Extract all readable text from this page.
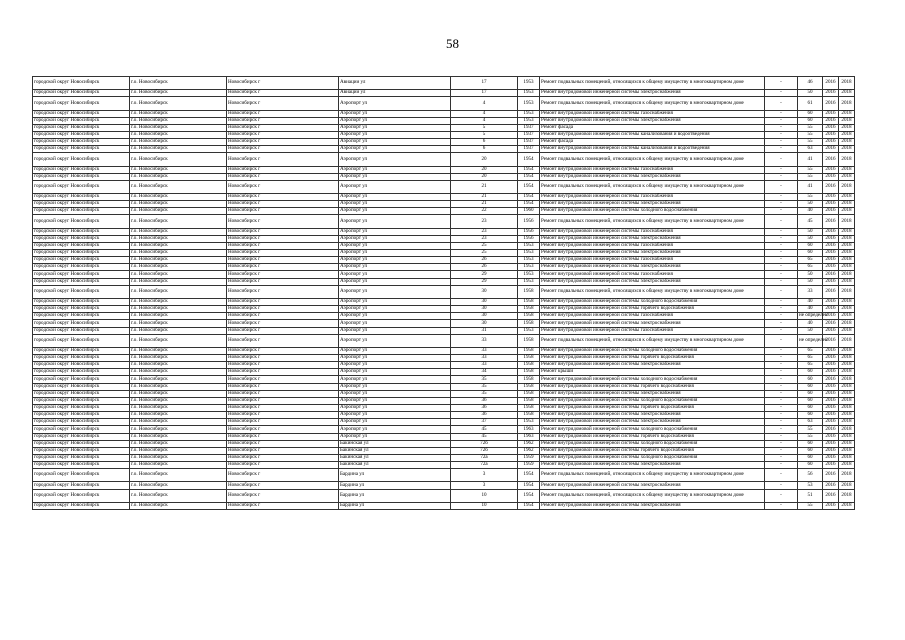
58
городской округ Новосибирск	г.о. Новосибирск	Новосибирск г	Авиации ул	17	1953	Ремонт подвальных помещений, относящихся к общему имуществу в многоквартирном доме	-	46	2016	2018
городской округ Новосибирск	г.о. Новосибирск	Новосибирск г	Авиации ул	17	1953	Ремонт внутридомовой инженерной системы электроснабжения	-	50	2016	2018
городской округ Новосибирск	г.о. Новосибирск	Новосибирск г	Аэропорт ул	4	1953	Ремонт подвальных помещений, относящихся к общему имуществу в многоквартирном доме	-	61	2016	2018
городской округ Новосибирск	г.о. Новосибирск	Новосибирск г	Аэропорт ул	4	1953	Ремонт внутридомовой инженерной системы газоснабжения	-	60	2016	2018
городской округ Новосибирск	г.о. Новосибирск	Новосибирск г	Аэропорт ул	4	1953	Ремонт внутридомовой инженерной системы электроснабжения	-	60	2016	2018
городской округ Новосибирск	г.о. Новосибирск	Новосибирск г	Аэропорт ул	5	1937	Ремонт фасада	-	55	2016	2018
городской округ Новосибирск	г.о. Новосибирск	Новосибирск г	Аэропорт ул	5	1937	Ремонт внутридомовой инженерной системы канализования и водоотведения	-	55	2016	2018
городской округ Новосибирск	г.о. Новосибирск	Новосибирск г	Аэропорт ул	6	1937	Ремонт фасада	-	55	2016	2018
городской округ Новосибирск	г.о. Новосибирск	Новосибирск г	Аэропорт ул	6	1937	Ремонт внутридомовой инженерной системы канализования и водоотведения	-	63	2016	2018
городской округ Новосибирск	г.о. Новосибирск	Новосибирск г	Аэропорт ул	20	1954	Ремонт подвальных помещений, относящихся к общему имуществу в многоквартирном доме	-	41	2016	2018
городской округ Новосибирск	г.о. Новосибирск	Новосибирск г	Аэропорт ул	20	1954	Ремонт внутридомовой инженерной системы газоснабжения	-	55	2016	2018
городской округ Новосибирск	г.о. Новосибирск	Новосибирск г	Аэропорт ул	20	1954	Ремонт внутридомовой инженерной системы электроснабжения	-	55	2016	2018
городской округ Новосибирск	г.о. Новосибирск	Новосибирск г	Аэропорт ул	21	1954	Ремонт подвальных помещений, относящихся к общему имуществу в многоквартирном доме	-	41	2016	2018
городской округ Новосибирск	г.о. Новосибирск	Новосибирск г	Аэропорт ул	21	1954	Ремонт внутридомовой инженерной системы газоснабжения	-	55	2016	2018
городской округ Новосибирск	г.о. Новосибирск	Новосибирск г	Аэропорт ул	21	1954	Ремонт внутридомовой инженерной системы электроснабжения	-	50	2016	2018
городской округ Новосибирск	г.о. Новосибирск	Новосибирск г	Аэропорт ул	22	1960	Ремонт внутридомовой инженерной системы холодного водоснабжения	-	40	2016	2018
городской округ Новосибирск	г.о. Новосибирск	Новосибирск г	Аэропорт ул	23	1956	Ремонт подвальных помещений, относящихся к общему имуществу в многоквартирном доме	-	45	2016	2018
городской округ Новосибирск	г.о. Новосибирск	Новосибирск г	Аэропорт ул	23	1956	Ремонт внутридомовой инженерной системы газоснабжения	-	50	2016	2018
городской округ Новосибирск	г.о. Новосибирск	Новосибирск г	Аэропорт ул	23	1956	Ремонт внутридомовой инженерной системы электроснабжения	-	50	2016	2018
городской округ Новосибирск	г.о. Новосибирск	Новосибирск г	Аэропорт ул	25	1953	Ремонт внутридомовой инженерной системы газоснабжения	-	60	2016	2018
городской округ Новосибирск	г.о. Новосибирск	Новосибирск г	Аэропорт ул	25	1953	Ремонт внутридомовой инженерной системы электроснабжения	-	60	2016	2018
городской округ Новосибирск	г.о. Новосибирск	Новосибирск г	Аэропорт ул	26	1953	Ремонт внутридомовой инженерной системы газоснабжения	-	65	2016	2018
городской округ Новосибирск	г.о. Новосибирск	Новосибирск г	Аэропорт ул	26	1953	Ремонт внутридомовой инженерной системы электроснабжения	-	65	2016	2018
городской округ Новосибирск	г.о. Новосибирск	Новосибирск г	Аэропорт ул	29	1953	Ремонт внутридомовой инженерной системы газоснабжения	-	50	2016	2018
городской округ Новосибирск	г.о. Новосибирск	Новосибирск г	Аэропорт ул	29	1953	Ремонт внутридомовой инженерной системы электроснабжения	-	50	2016	2018
городской округ Новосибирск	г.о. Новосибирск	Новосибирск г	Аэропорт ул	30	1958	Ремонт подвальных помещений, относящихся к общему имуществу в многоквартирном доме	-	33	2016	2018
городской округ Новосибирск	г.о. Новосибирск	Новосибирск г	Аэропорт ул	30	1958	Ремонт внутридомовой инженерной системы холодного водоснабжения	-	40	2016	2018
городской округ Новосибирск	г.о. Новосибирск	Новосибирск г	Аэропорт ул	30	1958	Ремонт внутридомовой инженерной системы горячего водоснабжения	-	40	2016	2018
городской округ Новосибирск	г.о. Новосибирск	Новосибирск г	Аэропорт ул	30	1958	Ремонт внутридомовой инженерной системы газоснабжения	-	не определен	2016	2018
городской округ Новосибирск	г.о. Новосибирск	Новосибирск г	Аэропорт ул	30	1958	Ремонт внутридомовой инженерной системы электроснабжения	-	40	2016	2018
городской округ Новосибирск	г.о. Новосибирск	Новосибирск г	Аэропорт ул	31	1953	Ремонт внутридомовой инженерной системы газоснабжения	-	50	2016	2018
городской округ Новосибирск	г.о. Новосибирск	Новосибирск г	Аэропорт ул	33	1958	Ремонт подвальных помещений, относящихся к общему имуществу в многоквартирном доме	-	не определен	2016	2018
городской округ Новосибирск	г.о. Новосибирск	Новосибирск г	Аэропорт ул	33	1958	Ремонт внутридомовой инженерной системы холодного водоснабжения	-	65	2016	2018
городской округ Новосибирск	г.о. Новосибирск	Новосибирск г	Аэропорт ул	33	1958	Ремонт внутридомовой инженерной системы горячего водоснабжения	-	65	2016	2018
городской округ Новосибирск	г.о. Новосибирск	Новосибирск г	Аэропорт ул	33	1958	Ремонт внутридомовой инженерной системы электроснабжения	-	65	2016	2018
городской округ Новосибирск	г.о. Новосибирск	Новосибирск г	Аэропорт ул	34	1958	Ремонт крыши	-	60	2016	2018
городской округ Новосибирск	г.о. Новосибирск	Новосибирск г	Аэропорт ул	35	1958	Ремонт внутридомовой инженерной системы холодного водоснабжения	-	60	2016	2018
городской округ Новосибирск	г.о. Новосибирск	Новосибирск г	Аэропорт ул	35	1958	Ремонт внутридомовой инженерной системы горячего водоснабжения	-	60	2016	2018
городской округ Новосибирск	г.о. Новосибирск	Новосибирск г	Аэропорт ул	35	1958	Ремонт внутридомовой инженерной системы электроснабжения	-	60	2016	2018
городской округ Новосибирск	г.о. Новосибирск	Новосибирск г	Аэропорт ул	36	1958	Ремонт внутридомовой инженерной системы холодного водоснабжения	-	60	2016	2018
городской округ Новосибирск	г.о. Новосибирск	Новосибирск г	Аэропорт ул	36	1958	Ремонт внутридомовой инженерной системы горячего водоснабжения	-	60	2016	2018
городской округ Новосибирск	г.о. Новосибирск	Новосибирск г	Аэропорт ул	36	1958	Ремонт внутридомовой инженерной системы электроснабжения	-	60	2016	2018
городской округ Новосибирск	г.о. Новосибирск	Новосибирск г	Аэропорт ул	37	1953	Ремонт внутридомовой инженерной системы электроснабжения	-	63	2016	2018
городской округ Новосибирск	г.о. Новосибирск	Новосибирск г	Аэропорт ул	45	1963	Ремонт внутридомовой инженерной системы холодного водоснабжения	-	55	2016	2018
городской округ Новосибирск	г.о. Новосибирск	Новосибирск г	Аэропорт ул	45	1963	Ремонт внутридомовой инженерной системы горячего водоснабжения	-	55	2016	2018
городской округ Новосибирск	г.о. Новосибирск	Новосибирск г	Бакинская ул	72б	1962	Ремонт внутридомовой инженерной системы холодного водоснабжения	-	60	2016	2018
городской округ Новосибирск	г.о. Новосибирск	Новосибирск г	Бакинская ул	72б	1962	Ремонт внутридомовой инженерной системы горячего водоснабжения	-	60	2016	2018
городской округ Новосибирск	г.о. Новосибирск	Новосибирск г	Бакинская ул	72а	1959	Ремонт внутридомовой инженерной системы холодного водоснабжения	-	60	2016	2018
городской округ Новосибирск	г.о. Новосибирск	Новосибирск г	Бакинская ул	72а	1959	Ремонт внутридомовой инженерной системы электроснабжения	-	60	2016	2018
городской округ Новосибирск	г.о. Новосибирск	Новосибирск г	Бардина ул	3	1954	Ремонт подвальных помещений, относящихся к общему имуществу в многоквартирном доме	-	56	2016	2018
городской округ Новосибирск	г.о. Новосибирск	Новосибирск г	Бардина ул	3	1954	Ремонт внутридомовой инженерной системы электроснабжения	-	53	2016	2018
городской округ Новосибирск	г.о. Новосибирск	Новосибирск г	Бардина ул	10	1954	Ремонт подвальных помещений, относящихся к общему имуществу в многоквартирном доме	-	51	2016	2018
городской округ Новосибирск	г.о. Новосибирск	Новосибирск г	Бардина ул	10	1954	Ремонт внутридомовой инженерной системы электроснабжения	-	55	2016	2018
